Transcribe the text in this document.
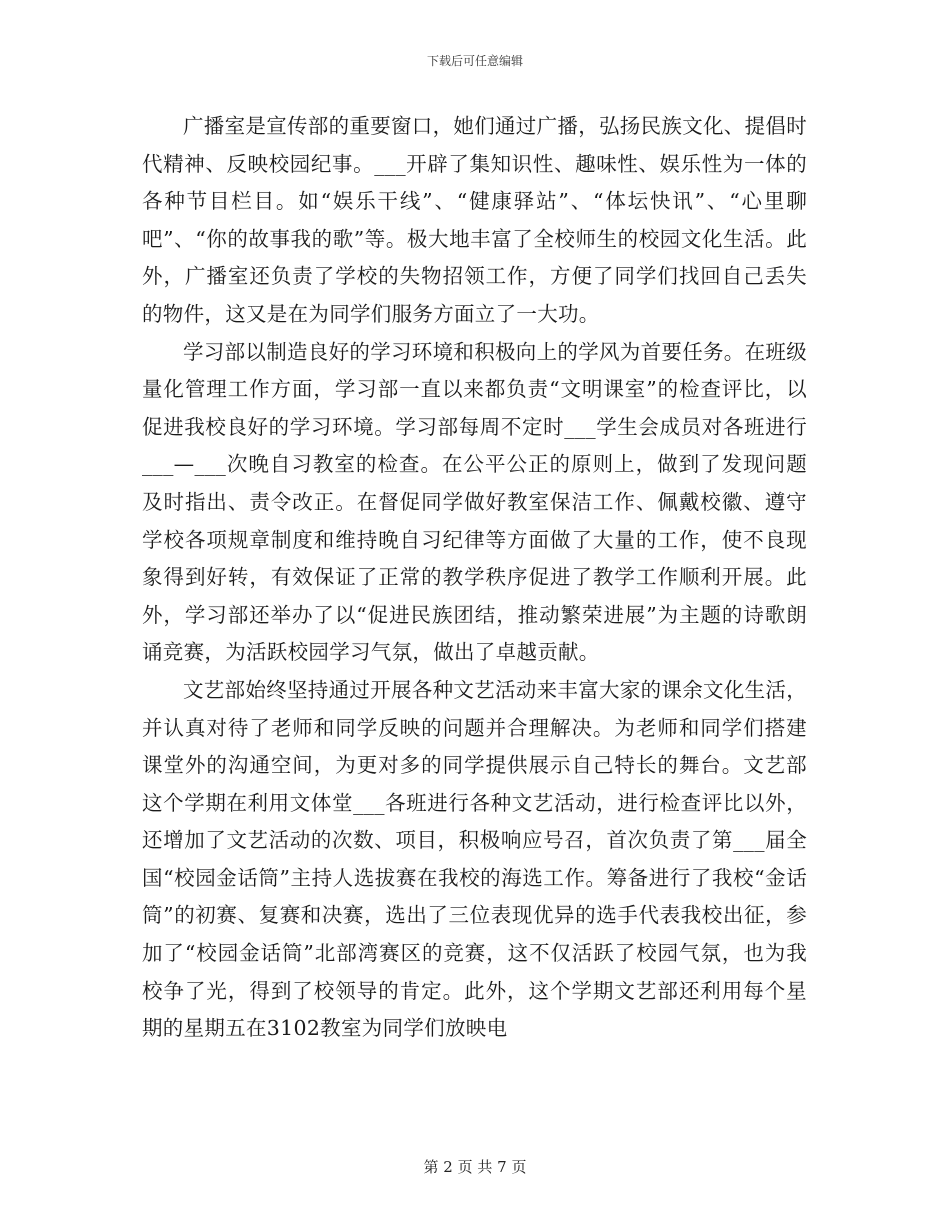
下载后可任意编辑

广播室是宣传部的重要窗口，她们通过广播，弘扬民族文化、提倡时代精神、反映校园纪事。___开辟了集知识性、趣味性、娱乐性为一体的各种节目栏目。如“娱乐干线”、“健康驿站”、“体坛快讯”、“心里聊吧”、“你的故事我的歌”等。极大地丰富了全校师生的校园文化生活。此外，广播室还负责了学校的失物招领工作，方便了同学们找回自己丢失的物件，这又是在为同学们服务方面立了一大功。

学习部以制造良好的学习环境和积极向上的学风为首要任务。在班级量化管理工作方面，学习部一直以来都负责“文明课室”的检查评比，以促进我校良好的学习环境。学习部每周不定时___学生会成员对各班进行___—___次晚自习教室的检查。在公平公正的原则上，做到了发现问题及时指出、责令改正。在督促同学做好教室保洁工作、佩戴校徽、遵守学校各项规章制度和维持晚自习纪律等方面做了大量的工作，使不良现象得到好转，有效保证了正常的教学秩序促进了教学工作顺利开展。此外，学习部还举办了以“促进民族团结，推动繁荣进展”为主题的诗歌朗诵竞赛，为活跃校园学习气氛，做出了卓越贡献。

文艺部始终坚持通过开展各种文艺活动来丰富大家的课余文化生活，并认真对待了老师和同学反映的问题并合理解决。为老师和同学们搭建课堂外的沟通空间，为更对多的同学提供展示自己特长的舞台。文艺部这个学期在利用文体堂___各班进行各种文艺活动，进行检查评比以外，还增加了文艺活动的次数、项目，积极响应号召，首次负责了第___届全国“校园金话筒”主持人选拔赛在我校的海选工作。筹备进行了我校“金话筒”的初赛、复赛和决赛，选出了三位表现优异的选手代表我校出征，参加了“校园金话筒”北部湾赛区的竞赛，这不仅活跃了校园气氛，也为我校争了光，得到了校领导的肯定。此外，这个学期文艺部还利用每个星期的星期五在3102教室为同学们放映电

第 2 页 共 7 页
